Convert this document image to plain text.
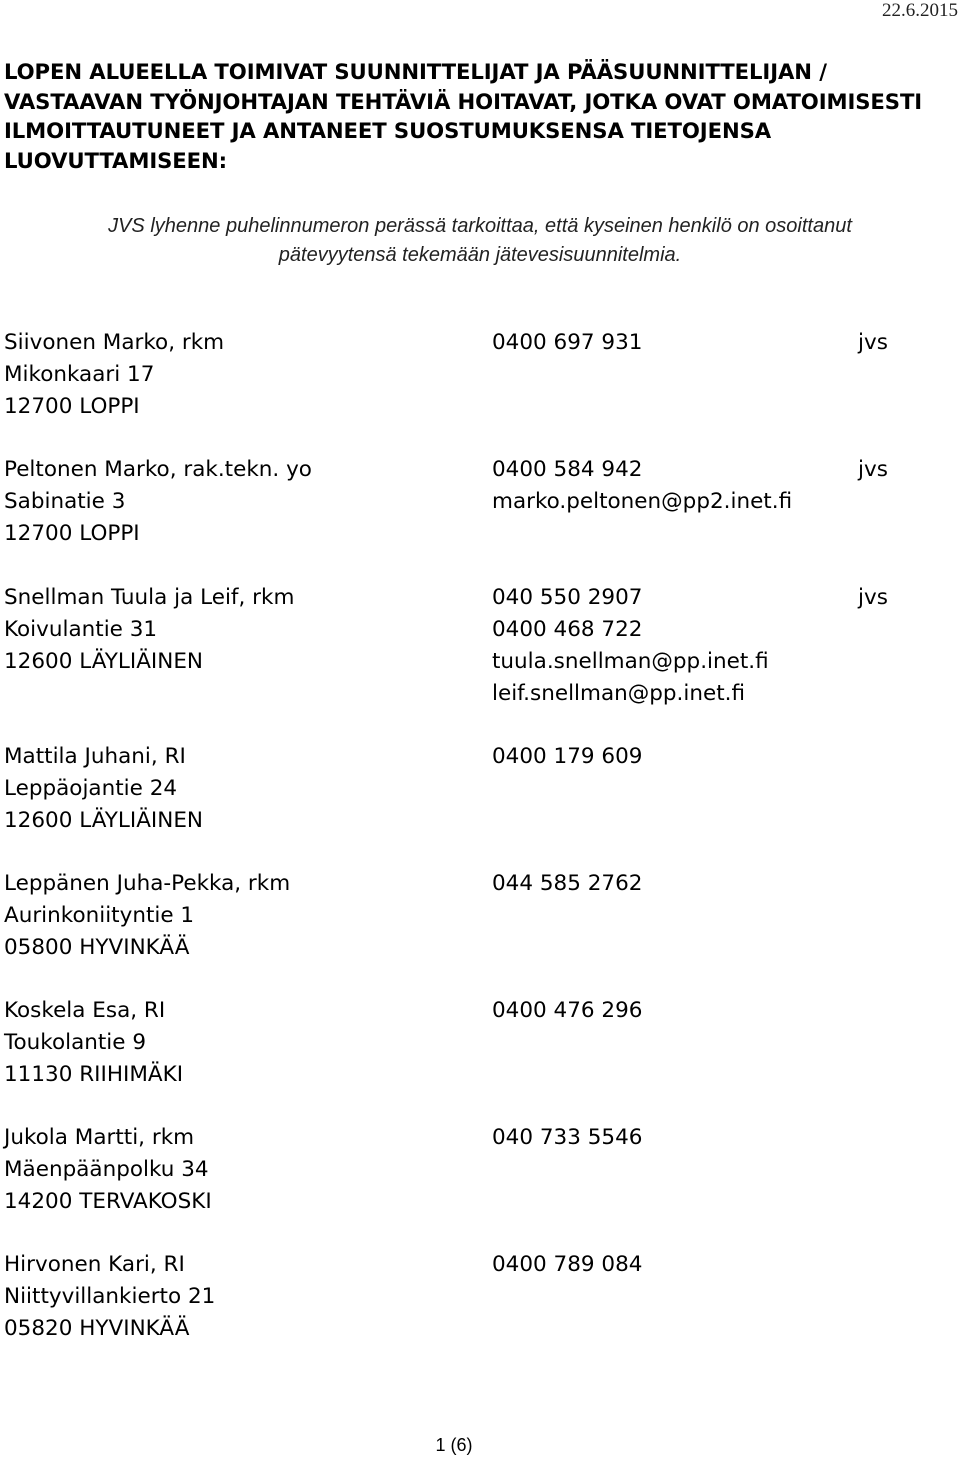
22.6.2015
LOPEN ALUEELLA TOIMIVAT SUUNNITTELIJAT JA PÄÄSUUNNITTELIJAN / VASTAAVAN TYÖNJOHTAJAN TEHTÄVIÄ HOITAVAT, JOTKA OVAT OMATOIMISESTI ILMOITTAUTUNEET JA ANTANEET SUOSTUMUKSENSA TIETOJENSA LUOVUTTAMISEEN:
JVS lyhenne puhelinnumeron perässä tarkoittaa, että kyseinen henkilö on osoittanut
pätevyytensä tekemään jätevesisuunnitelmia.
Siivonen Marko, rkm
Mikonkaari 17
12700 LOPPI
0400 697 931	jvs
Peltonen Marko, rak.tekn. yo
Sabinatie 3
12700 LOPPI
0400 584 942
marko.peltonen@pp2.inet.fi
jvs
Snellman Tuula ja Leif, rkm
Koivulantie 31
12600 LÄYLIÄINEN
040 550 2907
0400 468 722
tuula.snellman@pp.inet.fi
leif.snellman@pp.inet.fi
jvs
Mattila Juhani, RI
Leppäojantie 24
12600 LÄYLIÄINEN
0400 179 609
Leppänen Juha-Pekka, rkm
Aurinkoniityntie 1
05800 HYVINKÄÄ
044 585 2762
Koskela Esa, RI
Toukolantie 9
11130 RIIHIMÄKI
0400 476 296
Jukola Martti, rkm
Mäenpäänpolku 34
14200 TERVAKOSKI
040 733 5546
Hirvonen Kari, RI
Niittyvillankierto 21
05820 HYVINKÄÄ
0400 789 084
1 (6)
